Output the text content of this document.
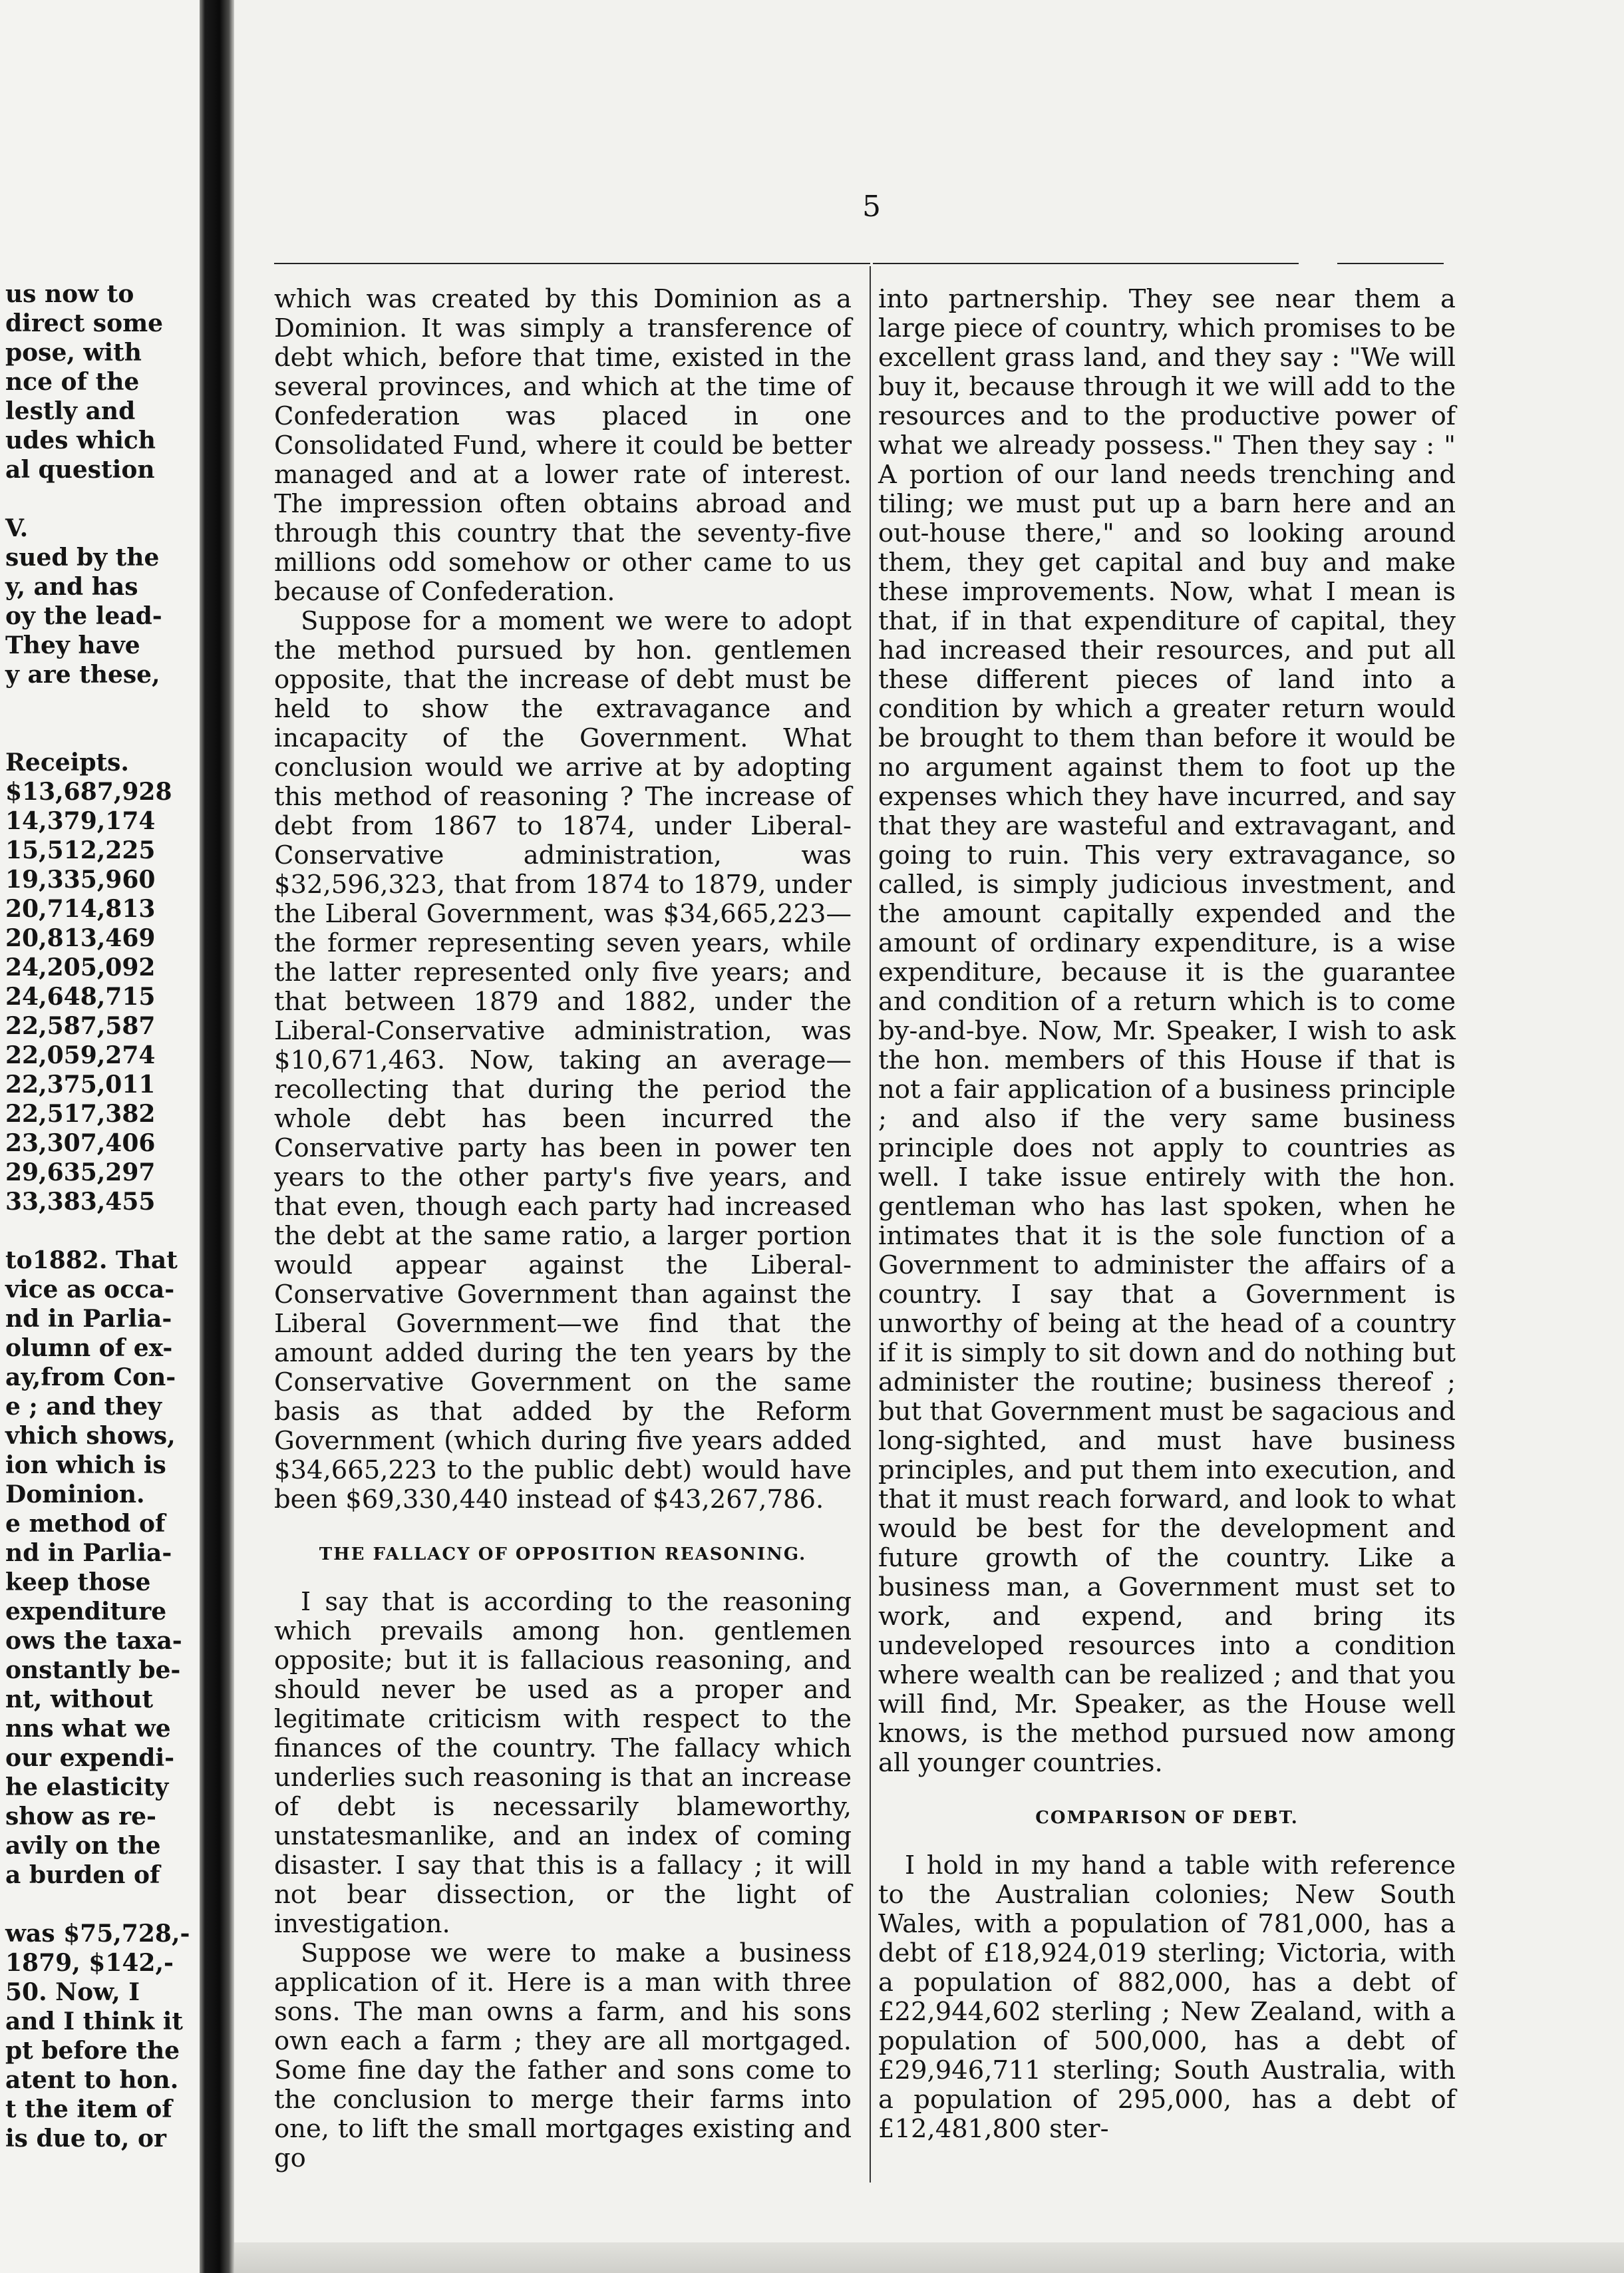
us now to
direct some
pose, with
nce of the
lestly and
udes which
al question
V.
sued by the
y, and has
oy the lead-
They have
y are these,
Receipts.
$13,687,928
14,379,174
15,512,225
19,335,960
20,714,813
20,813,469
24,205,092
24,648,715
22,587,587
22,059,274
22,375,011
22,517,382
23,307,406
29,635,297
33,383,455
to1882. That
vice as occa-
nd in Parlia-
olumn of ex-
ay,from Con-
e ; and they
vhich shows,
ion which is
Dominion.
e method of
nd in Parlia-
keep those
expenditure
ows the taxa-
onstantly be-
nt, without
nns what we
our expendi-
he elasticity
show as re-
avily on the
a burden of
was $75,728,-
1879, $142,-
50. Now, I
and I think it
pt before the
atent to hon.
t the item of
is due to, or
5

which was created by this Dominion as a Dominion. It was simply a transference of debt which, before that time, existed in the several provinces, and which at the time of Confederation was placed in one Consolidated Fund, where it could be better managed and at a lower rate of interest. The impression often obtains abroad and through this country that the seventy-five millions odd somehow or other came to us because of Confederation.

Suppose for a moment we were to adopt the method pursued by hon. gentlemen opposite, that the increase of debt must be held to show the extravagance and incapacity of the Government. What conclusion would we arrive at by adopting this method of reasoning ? The increase of debt from 1867 to 1874, under Liberal-Conservative administration, was $32,596,323, that from 1874 to 1879, under the Liberal Government, was $34,665,223—the former representing seven years, while the latter represented only five years; and that between 1879 and 1882, under the Liberal-Conservative administration, was $10,671,463. Now, taking an average—recollecting that during the period the whole debt has been incurred the Conservative party has been in power ten years to the other party's five years, and that even, though each party had increased the debt at the same ratio, a larger portion would appear against the Liberal-Conservative Government than against the Liberal Government—we find that the amount added during the ten years by the Conservative Government on the same basis as that added by the Reform Government (which during five years added $34,665,223 to the public debt) would have been $69,330,440 instead of $43,267,786.

THE FALLACY OF OPPOSITION REASONING.

I say that is according to the reasoning which prevails among hon. gentlemen opposite; but it is fallacious reasoning, and should never be used as a proper and legitimate criticism with respect to the finances of the country. The fallacy which underlies such reasoning is that an increase of debt is necessarily blameworthy, unstatesmanlike, and an index of coming disaster. I say that this is a fallacy ; it will not bear dissection, or the light of investigation.

Suppose we were to make a business application of it. Here is a man with three sons. The man owns a farm, and his sons own each a farm ; they are all mortgaged. Some fine day the father and sons come to the conclusion to merge their farms into one, to lift the small mortgages existing and go

into partnership. They see near them a large piece of country, which promises to be excellent grass land, and they say : "We will buy it, because through it we will add to the resources and to the productive power of what we already possess." Then they say : " A portion of our land needs trenching and tiling; we must put up a barn here and an out-house there," and so looking around them, they get capital and buy and make these improvements. Now, what I mean is that, if in that expenditure of capital, they had increased their resources, and put all these different pieces of land into a condition by which a greater return would be brought to them than before it would be no argument against them to foot up the expenses which they have incurred, and say that they are wasteful and extravagant, and going to ruin. This very extravagance, so called, is simply judicious investment, and the amount capitally expended and the amount of ordinary expenditure, is a wise expenditure, because it is the guarantee and condition of a return which is to come by-and-bye. Now, Mr. Speaker, I wish to ask the hon. members of this House if that is not a fair application of a business principle ; and also if the very same business principle does not apply to countries as well. I take issue entirely with the hon. gentleman who has last spoken, when he intimates that it is the sole function of a Government to administer the affairs of a country. I say that a Government is unworthy of being at the head of a country if it is simply to sit down and do nothing but administer the routine; business thereof ; but that Government must be sagacious and long-sighted, and must have business principles, and put them into execution, and that it must reach forward, and look to what would be best for the development and future growth of the country. Like a business man, a Government must set to work, and expend, and bring its undeveloped resources into a condition where wealth can be realized ; and that you will find, Mr. Speaker, as the House well knows, is the method pursued now among all younger countries.

COMPARISON OF DEBT.

I hold in my hand a table with reference to the Australian colonies; New South Wales, with a population of 781,000, has a debt of £18,924,019 sterling; Victoria, with a population of 882,000, has a debt of £22,944,602 sterling ; New Zealand, with a population of 500,000, has a debt of £29,946,711 sterling; South Australia, with a population of 295,000, has a debt of £12,481,800 ster-
